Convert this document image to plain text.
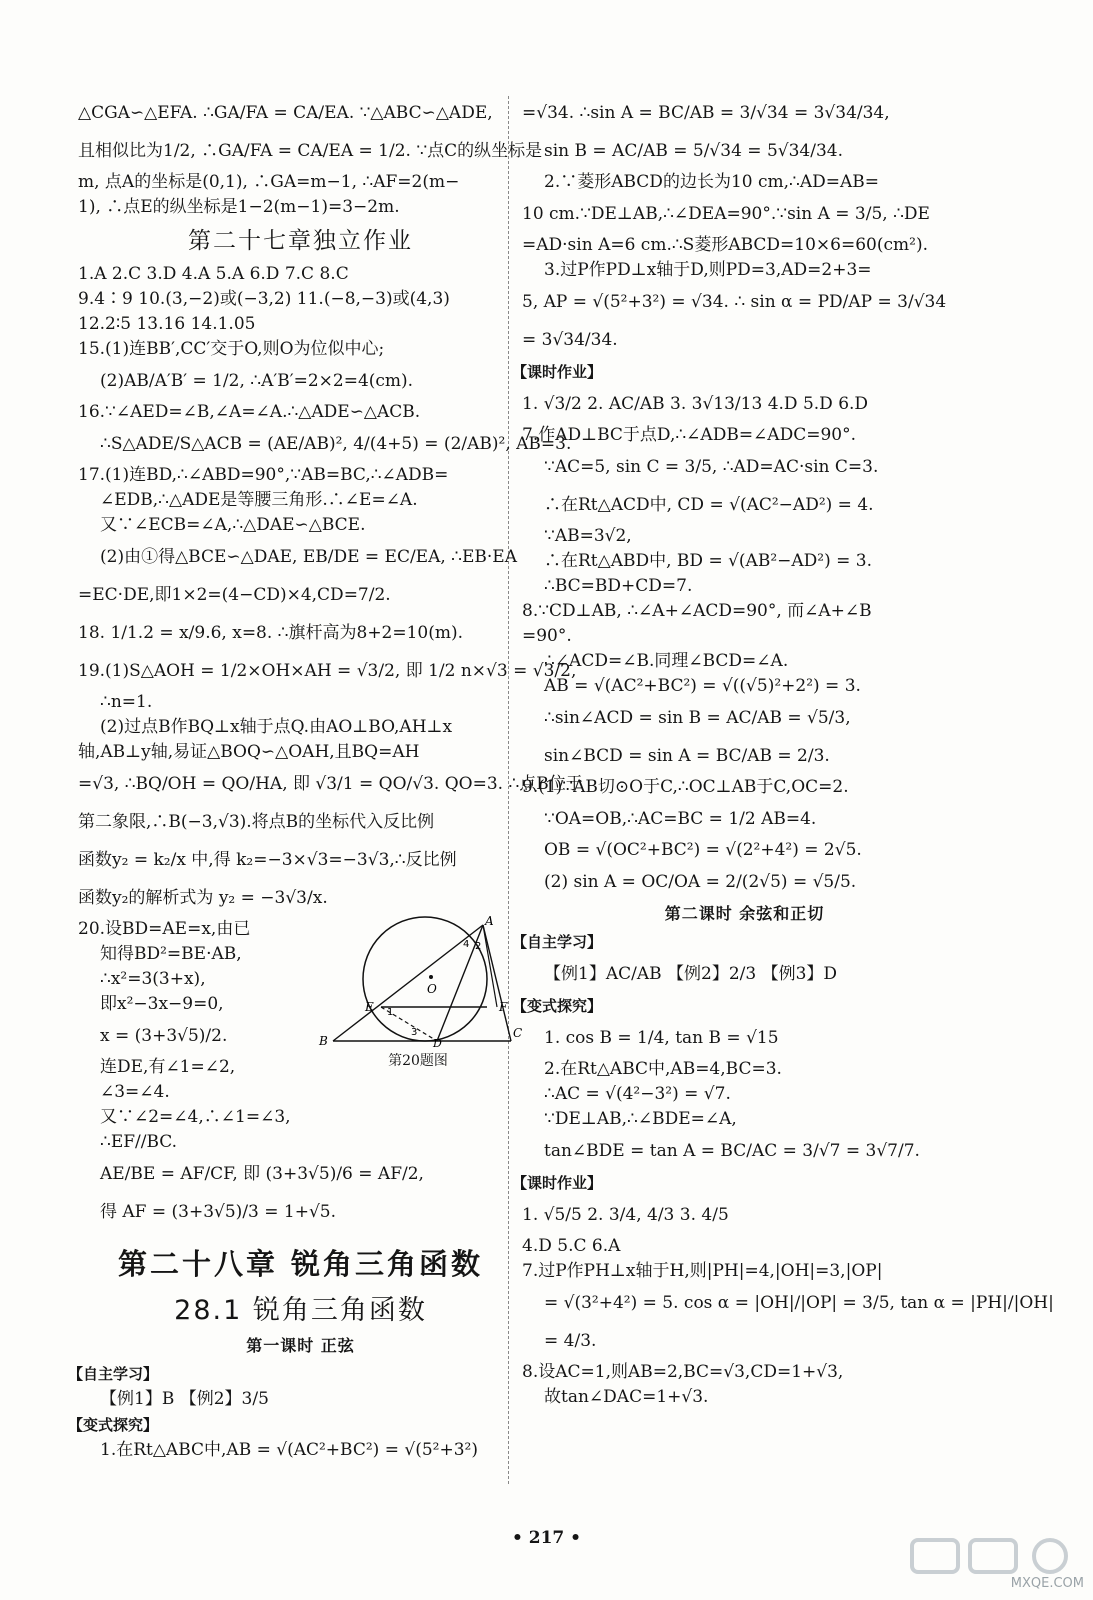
△CGA∽△EFA. ∴GA/FA = CA/EA. ∵△ABC∽△ADE,
且相似比为1/2, ∴GA/FA = CA/EA = 1/2. ∵点C的纵坐标是
m, 点A的坐标是(0,1), ∴GA=m−1, ∴AF=2(m−
1), ∴点E的纵坐标是1−2(m−1)=3−2m.
第二十七章独立作业
1.A 2.C 3.D 4.A 5.A 6.D 7.C 8.C
9.4∶9 10.(3,−2)或(−3,2) 11.(−8,−3)或(4,3)
12.2∶5 13.16 14.1.05
15.(1)连BB′,CC′交于O,则O为位似中心;
(2)AB/A′B′ = 1/2, ∴A′B′=2×2=4(cm).
16.∵∠AED=∠B,∠A=∠A.∴△ADE∽△ACB.
∴S△ADE/S△ACB = (AE/AB)², 4/(4+5) = (2/AB)², AB=3.
17.(1)连BD,∴∠ABD=90°,∵AB=BC,∴∠ADB=
∠EDB,∴△ADE是等腰三角形.∴∠E=∠A.
又∵∠ECB=∠A,∴△DAE∽△BCE.
(2)由①得△BCE∽△DAE, EB/DE = EC/EA, ∴EB·EA
=EC·DE,即1×2=(4−CD)×4,CD=7/2.
18. 1/1.2 = x/9.6, x=8. ∴旗杆高为8+2=10(m).
19.(1)S△AOH = 1/2×OH×AH = √3/2, 即 1/2 n×√3 = √3/2,
∴n=1.
(2)过点B作BQ⊥x轴于点Q.由AO⊥BO,AH⊥x
轴,AB⊥y轴,易证△BOQ∽△OAH,且BQ=AH
=√3, ∴BQ/OH = QO/HA, 即 √3/1 = QO/√3. QO=3. ∴点B位于
第二象限,∴B(−3,√3).将点B的坐标代入反比例
函数y₂ = k₂/x 中,得 k₂=−3×√3=−3√3,∴反比例
函数y₂的解析式为 y₂ = −3√3/x.
A
O
E	F
B	D
C
1
2
3
4
第20题图
20.设BD=AE=x,由已
知得BD²=BE·AB,
∴x²=3(3+x),
即x²−3x−9=0,
x = (3+3√5)/2.
连DE,有∠1=∠2,
∠3=∠4.
又∵∠2=∠4,∴∠1=∠3,
∴EF//BC.
AE/BE = AF/CF, 即 (3+3√5)/6 = AF/2,
得 AF = (3+3√5)/3 = 1+√5.
第二十八章 锐角三角函数
28.1 锐角三角函数
第一课时 正弦
【自主学习】
【例1】B 【例2】3/5
【变式探究】
1.在Rt△ABC中,AB = √(AC²+BC²) = √(5²+3²)
=√34. ∴sin A = BC/AB = 3/√34 = 3√34/34,
sin B = AC/AB = 5/√34 = 5√34/34.
2.∵菱形ABCD的边长为10 cm,∴AD=AB=
10 cm.∵DE⊥AB,∴∠DEA=90°.∵sin A = 3/5, ∴DE
=AD·sin A=6 cm.∴S菱形ABCD=10×6=60(cm²).
3.过P作PD⊥x轴于D,则PD=3,AD=2+3=
5, AP = √(5²+3²) = √34. ∴ sin α = PD/AP = 3/√34
= 3√34/34.
【课时作业】
1. √3/2 2. AC/AB 3. 3√13/13 4.D 5.D 6.D
7.作AD⊥BC于点D,∴∠ADB=∠ADC=90°.
∵AC=5, sin C = 3/5, ∴AD=AC·sin C=3.
∴在Rt△ACD中, CD = √(AC²−AD²) = 4.
∵AB=3√2,
∴在Rt△ABD中, BD = √(AB²−AD²) = 3.
∴BC=BD+CD=7.
8.∵CD⊥AB, ∴∠A+∠ACD=90°, 而∠A+∠B
=90°.
∴∠ACD=∠B.同理∠BCD=∠A.
AB = √(AC²+BC²) = √((√5)²+2²) = 3.
∴sin∠ACD = sin B = AC/AB = √5/3,
sin∠BCD = sin A = BC/AB = 2/3.
9.(1)∵AB切⊙O于C,∴OC⊥AB于C,OC=2.
∵OA=OB,∴AC=BC = 1/2 AB=4.
OB = √(OC²+BC²) = √(2²+4²) = 2√5.
(2) sin A = OC/OA = 2/(2√5) = √5/5.
第二课时 余弦和正切
【自主学习】
【例1】AC/AB 【例2】2/3 【例3】D
【变式探究】
1. cos B = 1/4, tan B = √15
2.在Rt△ABC中,AB=4,BC=3.
∴AC = √(4²−3²) = √7.
∵DE⊥AB,∴∠BDE=∠A,
tan∠BDE = tan A = BC/AC = 3/√7 = 3√7/7.
【课时作业】
1. √5/5 2. 3/4, 4/3 3. 4/5
4.D 5.C 6.A
7.过P作PH⊥x轴于H,则|PH|=4,|OH|=3,|OP|
= √(3²+4²) = 5. cos α = |OH|/|OP| = 3/5, tan α = |PH|/|OH|
= 4/3.
8.设AC=1,则AB=2,BC=√3,CD=1+√3,
故tan∠DAC=1+√3.
• 217 •
MXQE.COM
